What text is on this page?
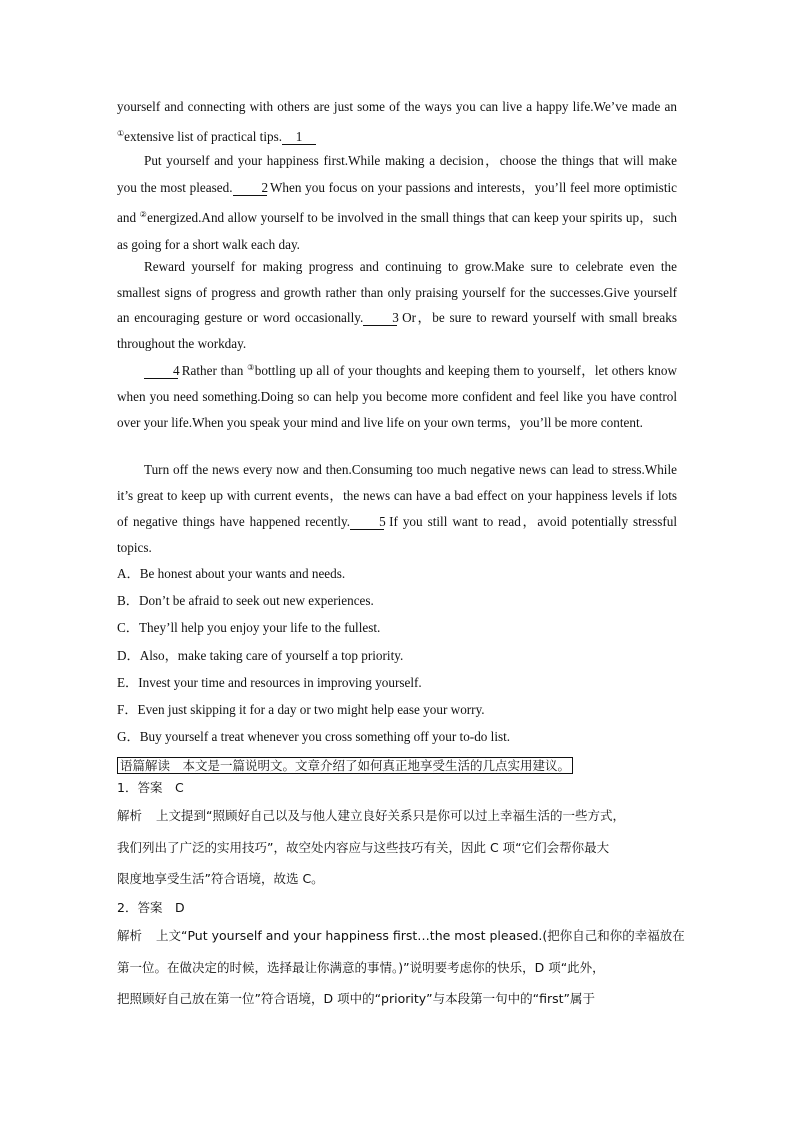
yourself and connecting with others are just some of the ways you can live a happy life.We’ve made an ①extensive list of practical tips. 1

Put yourself and your happiness first.While making a decision，choose the things that will make you the most pleased. 2 When you focus on your passions and interests，you’ll feel more optimistic and ②energized.And allow yourself to be involved in the small things that can keep your spirits up，such as going for a short walk each day.

Reward yourself for making progress and continuing to grow.Make sure to celebrate even the smallest signs of progress and growth rather than only praising yourself for the successes.Give yourself an encouraging gesture or word occasionally. 3 Or，be sure to reward yourself with small breaks throughout the workday.

4 Rather than ③bottling up all of your thoughts and keeping them to yourself，let others know when you need something.Doing so can help you become more confident and feel like you have control over your life.When you speak your mind and live life on your own terms，you’ll be more content.

Turn off the news every now and then.Consuming too much negative news can lead to stress.While it’s great to keep up with current events，the news can have a bad effect on your happiness levels if lots of negative things have happened recently. 5 If you still want to read，avoid potentially stressful topics.

A．Be honest about your wants and needs.

B．Don’t be afraid to seek out new experiences.

C．They’ll help you enjoy your life to the fullest.

D．Also，make taking care of yourself a top priority.

E．Invest your time and resources in improving yourself.

F．Even just skipping it for a day or two might help ease your worry.

G．Buy yourself a treat whenever you cross something off your to-do list.

语篇解读　本文是一篇说明文。文章介绍了如何真正地享受生活的几点实用建议。

1．答案　C

解析 上文提到“照顾好自己以及与他人建立良好关系只是你可以过上幸福生活的一些方式，

我们列出了广泛的实用技巧”，故空处内容应与这些技巧有关，因此 C 项“它们会帮你最大

限度地享受生活”符合语境，故选 C。

2．答案　D

解析 上文“Put yourself and your happiness first…the most pleased.(把你自己和你的幸福放在

第一位。在做决定的时候，选择最让你满意的事情。)”说明要考虑你的快乐，D 项“此外，

把照顾好自己放在第一位”符合语境，D 项中的“priority”与本段第一句中的“first”属于
